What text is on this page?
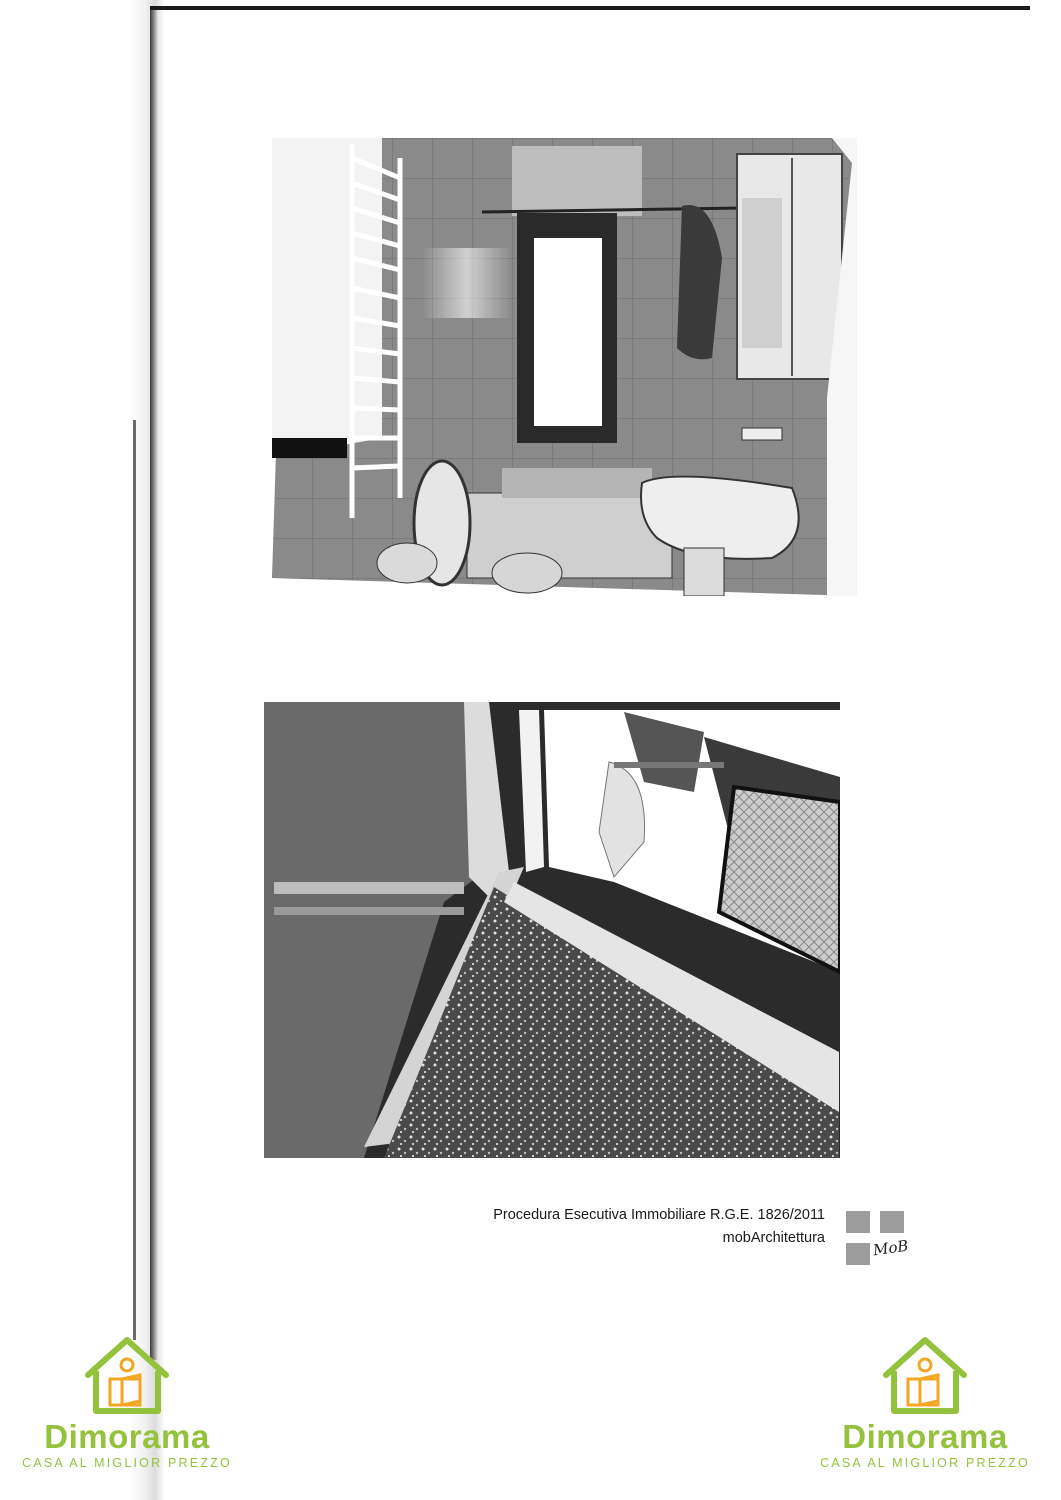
Procedura Esecutiva Immobiliare R.G.E. 1826/2011
mobArchitettura	MoB
Dimorama
CASA AL MIGLIOR PREZZO
Dimorama
CASA AL MIGLIOR PREZZO
